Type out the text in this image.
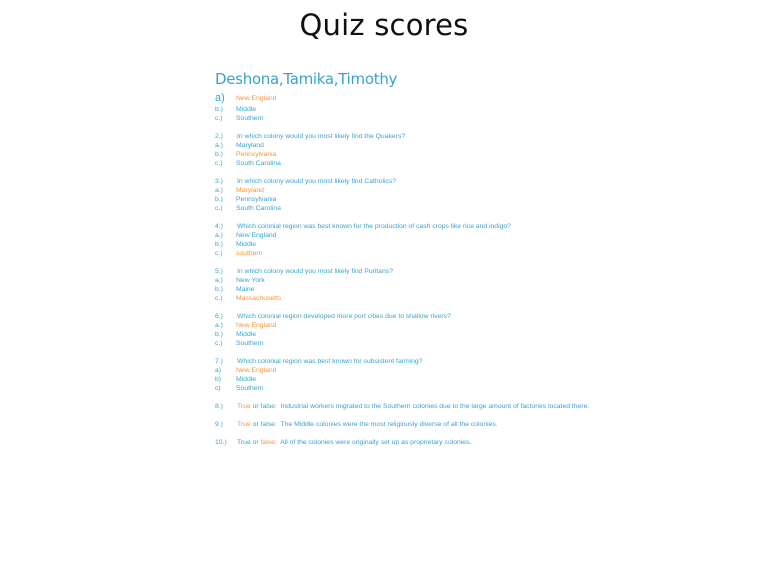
Quiz scores
Deshona,Tamika,Timothy
a) New England
b.) Middle
c.) Southern
2.) In which colony would you most likely find the Quakers?
a.) Maryland
b.) Pennsylvania
c.) South Carolina
3.) In which colony would you most likely find Catholics?
a.) Maryland
b.) Pennsylvania
c.) South Carolina
4.) Which colonial region was best known for the production of cash crops like rice and indigo?
a.) New England
b.) Middle
c.) southern
5.) In which colony would you most likely find Puritans?
a.) New York
b.) Maine
c.) Massachusetts
6.) Which colonial region developed more port cities due to shallow rivers?
a.) New England
b.) Middle
c.) Southern
7.) Which colonial region was best known for subsistent farming?
a) New England
b) Middle
c) Southern
8.) True or false: Industrial workers migrated to the Southern colonies due to the large amount of factories located there.
9.) True or false: The Middle colonies were the most religiously diverse of all the colonies.
10.) True or false: All of the colonies were originally set up as proprietary colonies.
